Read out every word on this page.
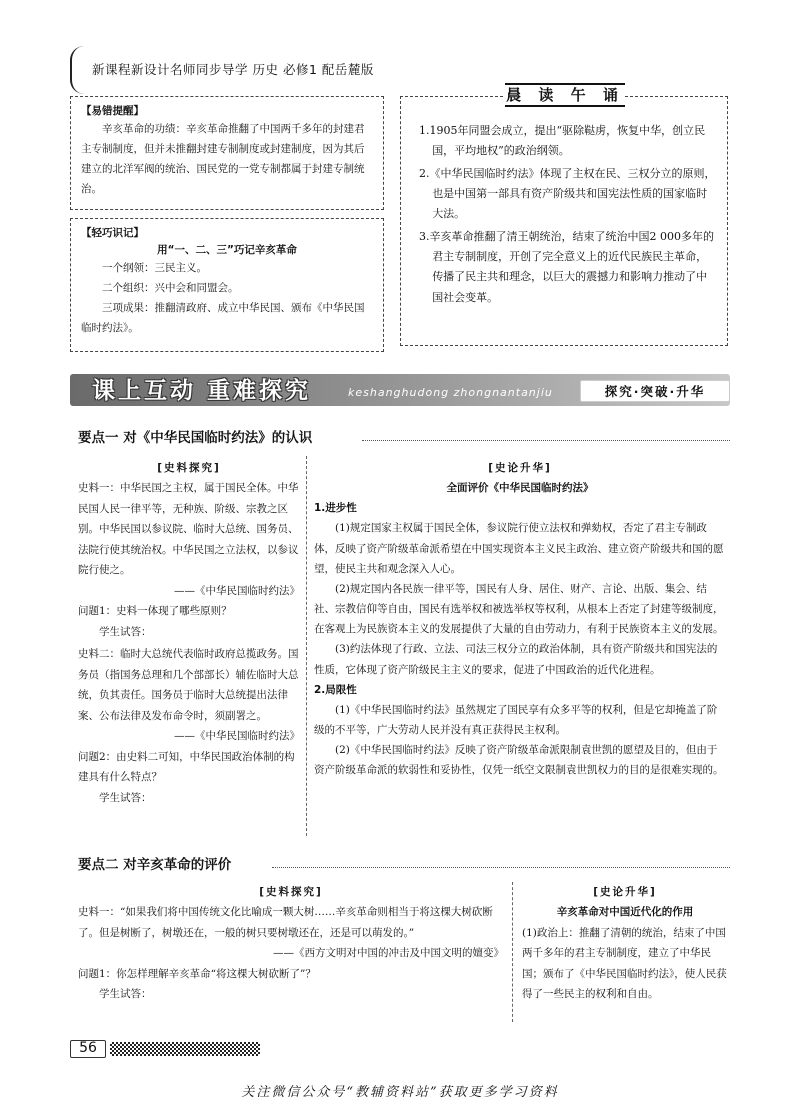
新课程新设计名师同步导学 历史 必修1 配岳麓版
【易错提醒】
辛亥革命的功绩：辛亥革命推翻了中国两千多年的封建君主专制制度，但并未推翻封建专制制度或封建制度，因为其后建立的北洋军阀的统治、国民党的一党专制都属于封建专制统治。
【轻巧识记】
用“一、二、三”巧记辛亥革命
一个纲领：三民主义。
二个组织：兴中会和同盟会。
三项成果：推翻清政府、成立中华民国、颁布《中华民国临时约法》。
1.1905年同盟会成立，提出“驱除鞑虏，恢复中华，创立民国，平均地权”的政治纲领。
2.《中华民国临时约法》体现了主权在民、三权分立的原则，也是中国第一部具有资产阶级共和国宪法性质的国家临时大法。
3.辛亥革命推翻了清王朝统治，结束了统治中国2 000多年的君主专制制度，开创了完全意义上的近代民族民主革命，传播了民主共和理念，以巨大的震撼力和影响力推动了中国社会变革。
晨 读 午 诵
课上互动 重难探究	keshanghudong zhongnantanjiu	探究·突破·升华
要点一 对《中华民国临时约法》的认识
[史料探究]
史料一：中华民国之主权，属于国民全体。中华民国人民一律平等，无种族、阶级、宗教之区别。中华民国以参议院、临时大总统、国务员、法院行使其统治权。中华民国之立法权，以参议院行使之。
——《中华民国临时约法》
问题1：史料一体现了哪些原则？
学生试答：
史料二：临时大总统代表临时政府总揽政务。国务员（指国务总理和几个部部长）辅佐临时大总统，负其责任。国务员于临时大总统提出法律案、公布法律及发布命令时，须副署之。
——《中华民国临时约法》
问题2：由史料二可知，中华民国政治体制的构建具有什么特点？
学生试答：
[史论升华]
全面评价《中华民国临时约法》
1.进步性
(1)规定国家主权属于国民全体，参议院行使立法权和弹劾权，否定了君主专制政体，反映了资产阶级革命派希望在中国实现资本主义民主政治、建立资产阶级共和国的愿望，使民主共和观念深入人心。
(2)规定国内各民族一律平等，国民有人身、居住、财产、言论、出版、集会、结社、宗教信仰等自由，国民有选举权和被选举权等权利，从根本上否定了封建等级制度，在客观上为民族资本主义的发展提供了大量的自由劳动力，有利于民族资本主义的发展。
(3)约法体现了行政、立法、司法三权分立的政治体制，具有资产阶级共和国宪法的性质，它体现了资产阶级民主主义的要求，促进了中国政治的近代化进程。
2.局限性
(1)《中华民国临时约法》虽然规定了国民享有众多平等的权利，但是它却掩盖了阶级的不平等，广大劳动人民并没有真正获得民主权利。
(2)《中华民国临时约法》反映了资产阶级革命派限制袁世凯的愿望及目的，但由于资产阶级革命派的软弱性和妥协性，仅凭一纸空文限制袁世凯权力的目的是很难实现的。
要点二 对辛亥革命的评价
[史料探究]
史料一：“如果我们将中国传统文化比喻成一颗大树……辛亥革命则相当于将这棵大树砍断了。但是树断了，树墩还在，一般的树只要树墩还在，还是可以萌发的。”
——《西方文明对中国的冲击及中国文明的嬗变》
问题1：你怎样理解辛亥革命“将这棵大树砍断了”？
学生试答：
[史论升华]
辛亥革命对中国近代化的作用
(1)政治上：推翻了清朝的统治，结束了中国两千多年的君主专制制度，建立了中华民国；颁布了《中华民国临时约法》，使人民获得了一些民主的权利和自由。
56
关注微信公众号“教辅资料站”获取更多学习资料
